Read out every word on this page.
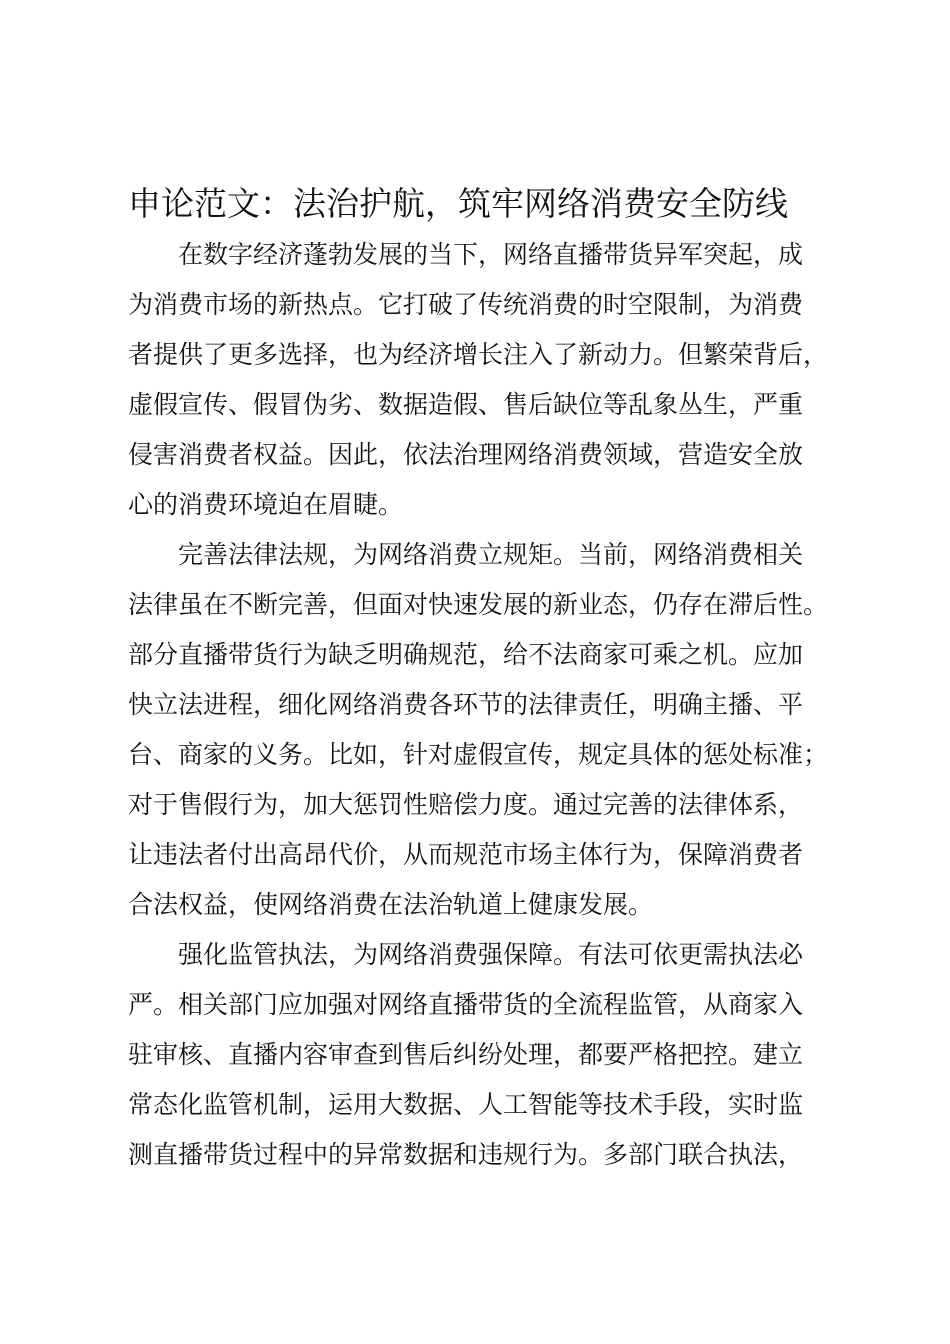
申论范文：法治护航，筑牢网络消费安全防线
在数字经济蓬勃发展的当下，网络直播带货异军突起，成
为消费市场的新热点。它打破了传统消费的时空限制，为消费
者提供了更多选择，也为经济增长注入了新动力。但繁荣背后，
虚假宣传、假冒伪劣、数据造假、售后缺位等乱象丛生，严重
侵害消费者权益。因此，依法治理网络消费领域，营造安全放
心的消费环境迫在眉睫。
完善法律法规，为网络消费立规矩。当前，网络消费相关
法律虽在不断完善，但面对快速发展的新业态，仍存在滞后性。
部分直播带货行为缺乏明确规范，给不法商家可乘之机。应加
快立法进程，细化网络消费各环节的法律责任，明确主播、平
台、商家的义务。比如，针对虚假宣传，规定具体的惩处标准；
对于售假行为，加大惩罚性赔偿力度。通过完善的法律体系，
让违法者付出高昂代价，从而规范市场主体行为，保障消费者
合法权益，使网络消费在法治轨道上健康发展。
强化监管执法，为网络消费强保障。有法可依更需执法必
严。相关部门应加强对网络直播带货的全流程监管，从商家入
驻审核、直播内容审查到售后纠纷处理，都要严格把控。建立
常态化监管机制，运用大数据、人工智能等技术手段，实时监
测直播带货过程中的异常数据和违规行为。多部门联合执法，
